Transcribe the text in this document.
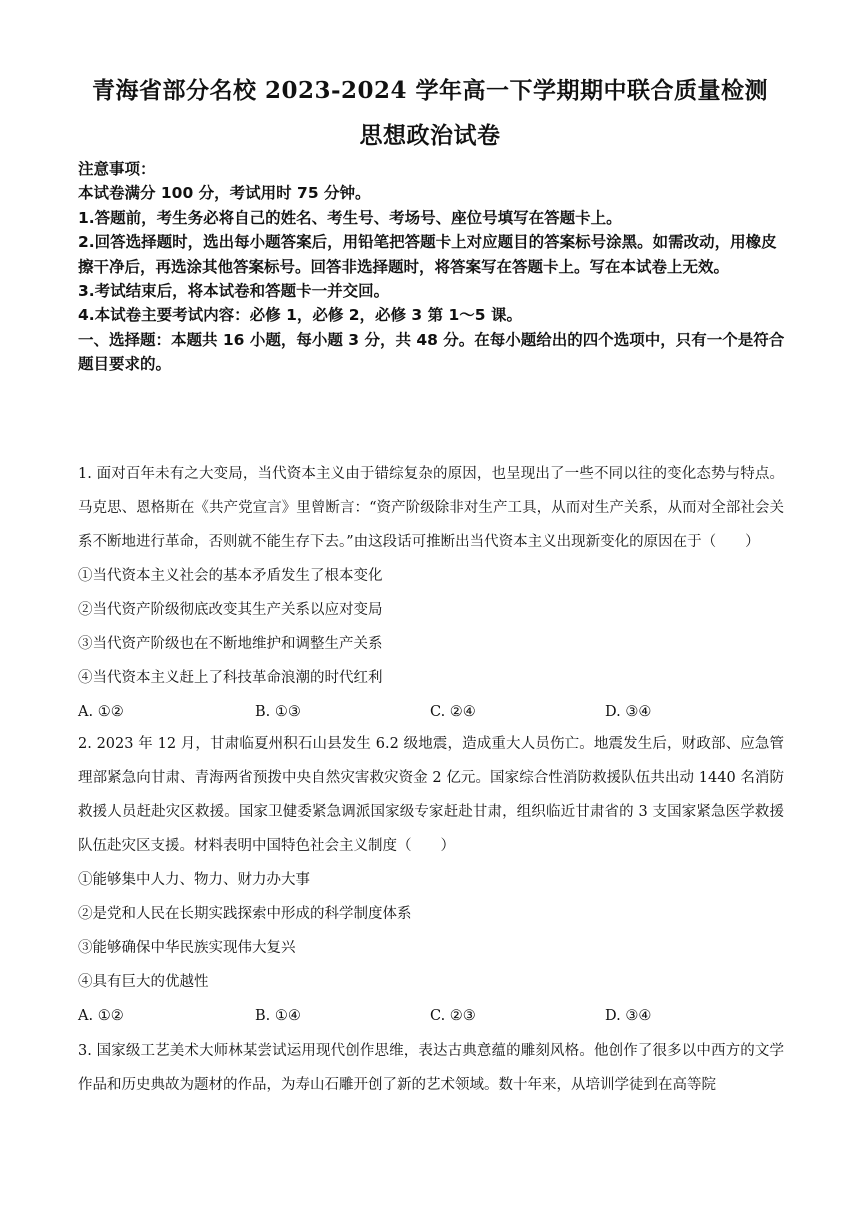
青海省部分名校 2023-2024 学年高一下学期期中联合质量检测
思想政治试卷
注意事项：
本试卷满分 100 分，考试用时 75 分钟。
1.答题前，考生务必将自己的姓名、考生号、考场号、座位号填写在答题卡上。
2.回答选择题时，选出每小题答案后，用铅笔把答题卡上对应题目的答案标号涂黑。如需改动，用橡皮擦干净后，再选涂其他答案标号。回答非选择题时，将答案写在答题卡上。写在本试卷上无效。
3.考试结束后，将本试卷和答题卡一并交回。
4.本试卷主要考试内容：必修 1，必修 2，必修 3 第 1～5 课。
一、选择题：本题共 16 小题，每小题 3 分，共 48 分。在每小题给出的四个选项中，只有一个是符合题目要求的。
1. 面对百年未有之大变局，当代资本主义由于错综复杂的原因，也呈现出了一些不同以往的变化态势与特点。马克思、恩格斯在《共产党宣言》里曾断言：“资产阶级除非对生产工具，从而对生产关系，从而对全部社会关系不断地进行革命，否则就不能生存下去。”由这段话可推断出当代资本主义出现新变化的原因在于（　　）
①当代资本主义社会的基本矛盾发生了根本变化
②当代资产阶级彻底改变其生产关系以应对变局
③当代资产阶级也在不断地维护和调整生产关系
④当代资本主义赶上了科技革命浪潮的时代红利
A. ①②	B. ①③	C. ②④	D. ③④
2. 2023 年 12 月，甘肃临夏州积石山县发生 6.2 级地震，造成重大人员伤亡。地震发生后，财政部、应急管理部紧急向甘肃、青海两省预拨中央自然灾害救灾资金 2 亿元。国家综合性消防救援队伍共出动 1440 名消防救援人员赶赴灾区救援。国家卫健委紧急调派国家级专家赶赴甘肃，组织临近甘肃省的 3 支国家紧急医学救援队伍赴灾区支援。材料表明中国特色社会主义制度（　　）
①能够集中人力、物力、财力办大事
②是党和人民在长期实践探索中形成的科学制度体系
③能够确保中华民族实现伟大复兴
④具有巨大的优越性
A. ①②	B. ①④	C. ②③	D. ③④
3. 国家级工艺美术大师林某尝试运用现代创作思维，表达古典意蕴的雕刻风格。他创作了很多以中西方的文学作品和历史典故为题材的作品，为寿山石雕开创了新的艺术领域。数十年来，从培训学徒到在高等院
